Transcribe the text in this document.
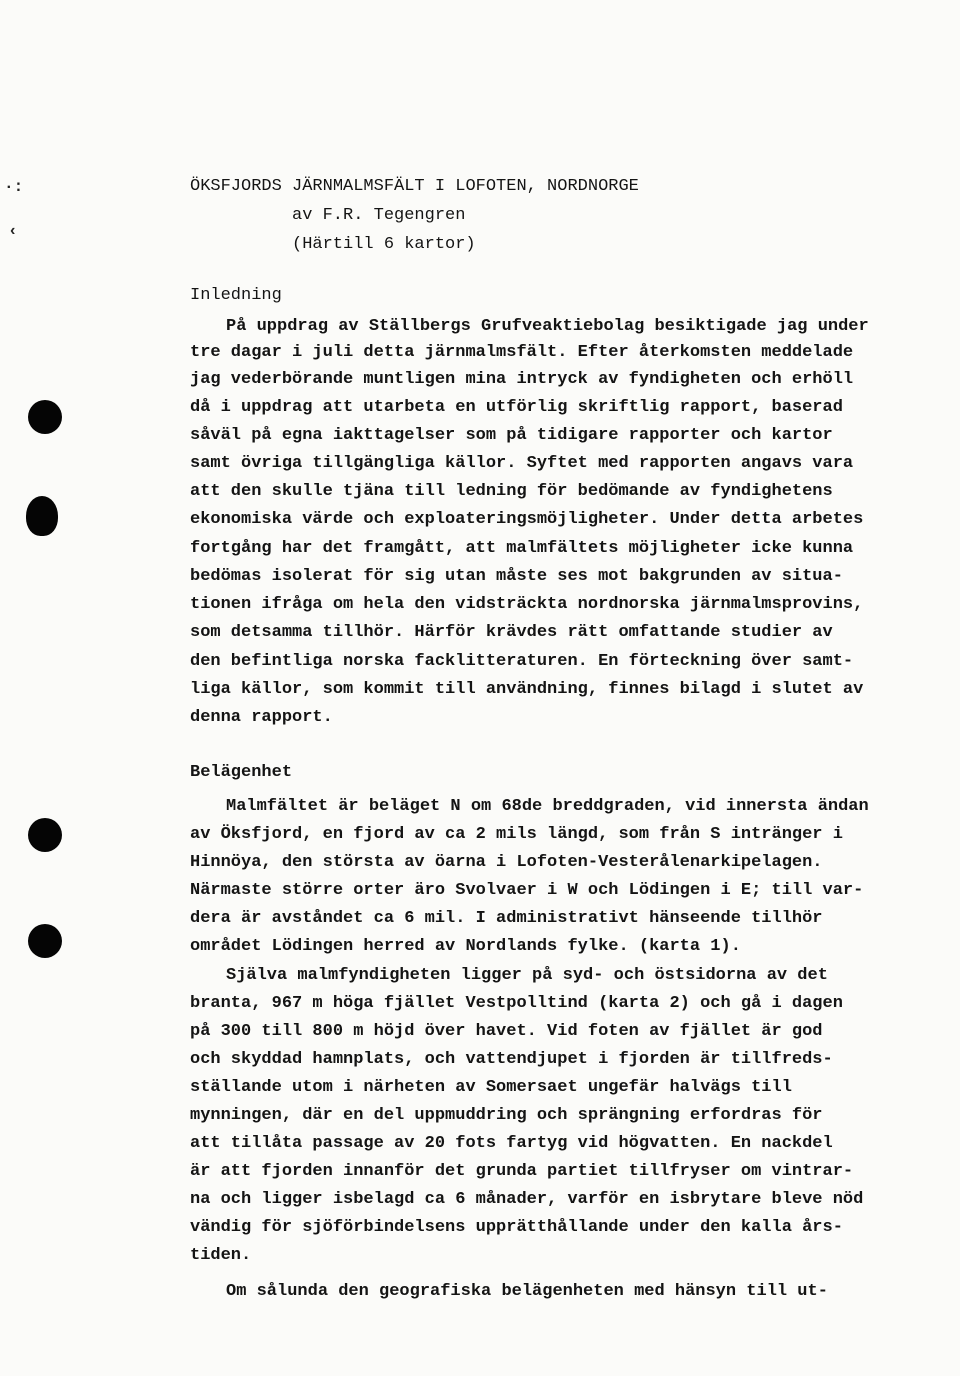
·:
‹
ÖKSFJORDS JÄRNMALMSFÄLT I LOFOTEN, NORDNORGE
av F.R. Tegengren
(Härtill 6 kartor)
Inledning
På uppdrag av Ställbergs Grufveaktiebolag besiktigade jag under
tre dagar i juli detta järnmalmsfält. Efter återkomsten meddelade
jag vederbörande muntligen mina intryck av fyndigheten och erhöll
då i uppdrag att utarbeta en utförlig skriftlig rapport, baserad
såväl på egna iakttagelser som på tidigare rapporter och kartor
samt övriga tillgängliga källor. Syftet med rapporten angavs vara
att den skulle tjäna till ledning för bedömande av fyndighetens
ekonomiska värde och exploateringsmöjligheter. Under detta arbetes
fortgång har det framgått, att malmfältets möjligheter icke kunna
bedömas isolerat för sig utan måste ses mot bakgrunden av situa-
tionen ifråga om hela den vidsträckta nordnorska järnmalmsprovins,
som detsamma tillhör. Härför krävdes rätt omfattande studier av
den befintliga norska facklitteraturen. En förteckning över samt-
liga källor, som kommit till användning, finnes bilagd i slutet av
denna rapport.
Belägenhet
Malmfältet är beläget N om 68de breddgraden, vid innersta ändan
av Öksfjord, en fjord av ca 2 mils längd, som från S intränger i
Hinnöya, den största av öarna i Lofoten-Vesterålenarkipelagen.
Närmaste större orter äro Svolvaer i W och Lödingen i E; till var-
dera är avståndet ca 6 mil. I administrativt hänseende tillhör
området Lödingen herred av Nordlands fylke. (karta 1).
Själva malmfyndigheten ligger på syd- och östsidorna av det
branta, 967 m höga fjället Vestpolltind (karta 2) och gå i dagen
på 300 till 800 m höjd över havet. Vid foten av fjället är god
och skyddad hamnplats, och vattendjupet i fjorden är tillfreds-
ställande utom i närheten av Somersaet ungefär halvägs till
mynningen, där en del uppmuddring och sprängning erfordras för
att tillåta passage av 20 fots fartyg vid högvatten. En nackdel
är att fjorden innanför det grunda partiet tillfryser om vintrar-
na och ligger isbelagd ca 6 månader, varför en isbrytare bleve nöd
vändig för sjöförbindelsens upprätthållande under den kalla års-
tiden.
Om sålunda den geografiska belägenheten med hänsyn till ut-
